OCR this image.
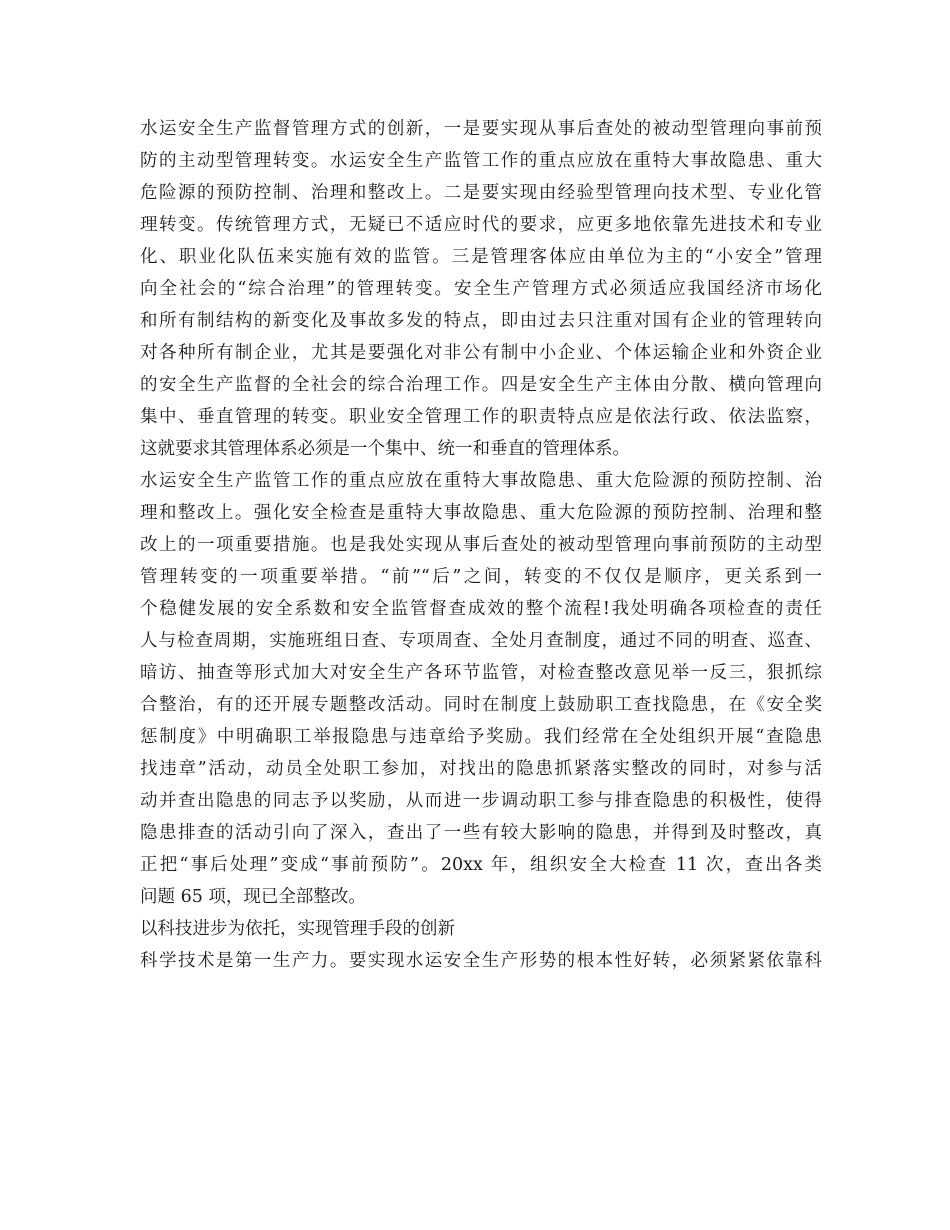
水运安全生产监督管理方式的创新，一是要实现从事后查处的被动型管理向事前预
防的主动型管理转变。水运安全生产监管工作的重点应放在重特大事故隐患、重大
危险源的预防控制、治理和整改上。二是要实现由经验型管理向技术型、专业化管
理转变。传统管理方式，无疑已不适应时代的要求，应更多地依靠先进技术和专业
化、职业化队伍来实施有效的监管。三是管理客体应由单位为主的“小安全”管理
向全社会的“综合治理”的管理转变。安全生产管理方式必须适应我国经济市场化
和所有制结构的新变化及事故多发的特点，即由过去只注重对国有企业的管理转向
对各种所有制企业，尤其是要强化对非公有制中小企业、个体运输企业和外资企业
的安全生产监督的全社会的综合治理工作。四是安全生产主体由分散、横向管理向
集中、垂直管理的转变。职业安全管理工作的职责特点应是依法行政、依法监察，
这就要求其管理体系必须是一个集中、统一和垂直的管理体系。
水运安全生产监管工作的重点应放在重特大事故隐患、重大危险源的预防控制、治
理和整改上。强化安全检查是重特大事故隐患、重大危险源的预防控制、治理和整
改上的一项重要措施。也是我处实现从事后查处的被动型管理向事前预防的主动型
管理转变的一项重要举措。“前”“后”之间，转变的不仅仅是顺序，更关系到一
个稳健发展的安全系数和安全监管督查成效的整个流程!我处明确各项检查的责任
人与检查周期，实施班组日查、专项周查、全处月查制度，通过不同的明查、巡查、
暗访、抽查等形式加大对安全生产各环节监管，对检查整改意见举一反三，狠抓综
合整治，有的还开展专题整改活动。同时在制度上鼓励职工查找隐患，在《安全奖
惩制度》中明确职工举报隐患与违章给予奖励。我们经常在全处组织开展“查隐患
找违章”活动，动员全处职工参加，对找出的隐患抓紧落实整改的同时，对参与活
动并查出隐患的同志予以奖励，从而进一步调动职工参与排查隐患的积极性，使得
隐患排查的活动引向了深入，查出了一些有较大影响的隐患，并得到及时整改，真
正把“事后处理”变成“事前预防”。20xx 年，组织安全大检查 11 次，查出各类
问题 65 项，现已全部整改。
以科技进步为依托，实现管理手段的创新
科学技术是第一生产力。要实现水运安全生产形势的根本性好转，必须紧紧依靠科
